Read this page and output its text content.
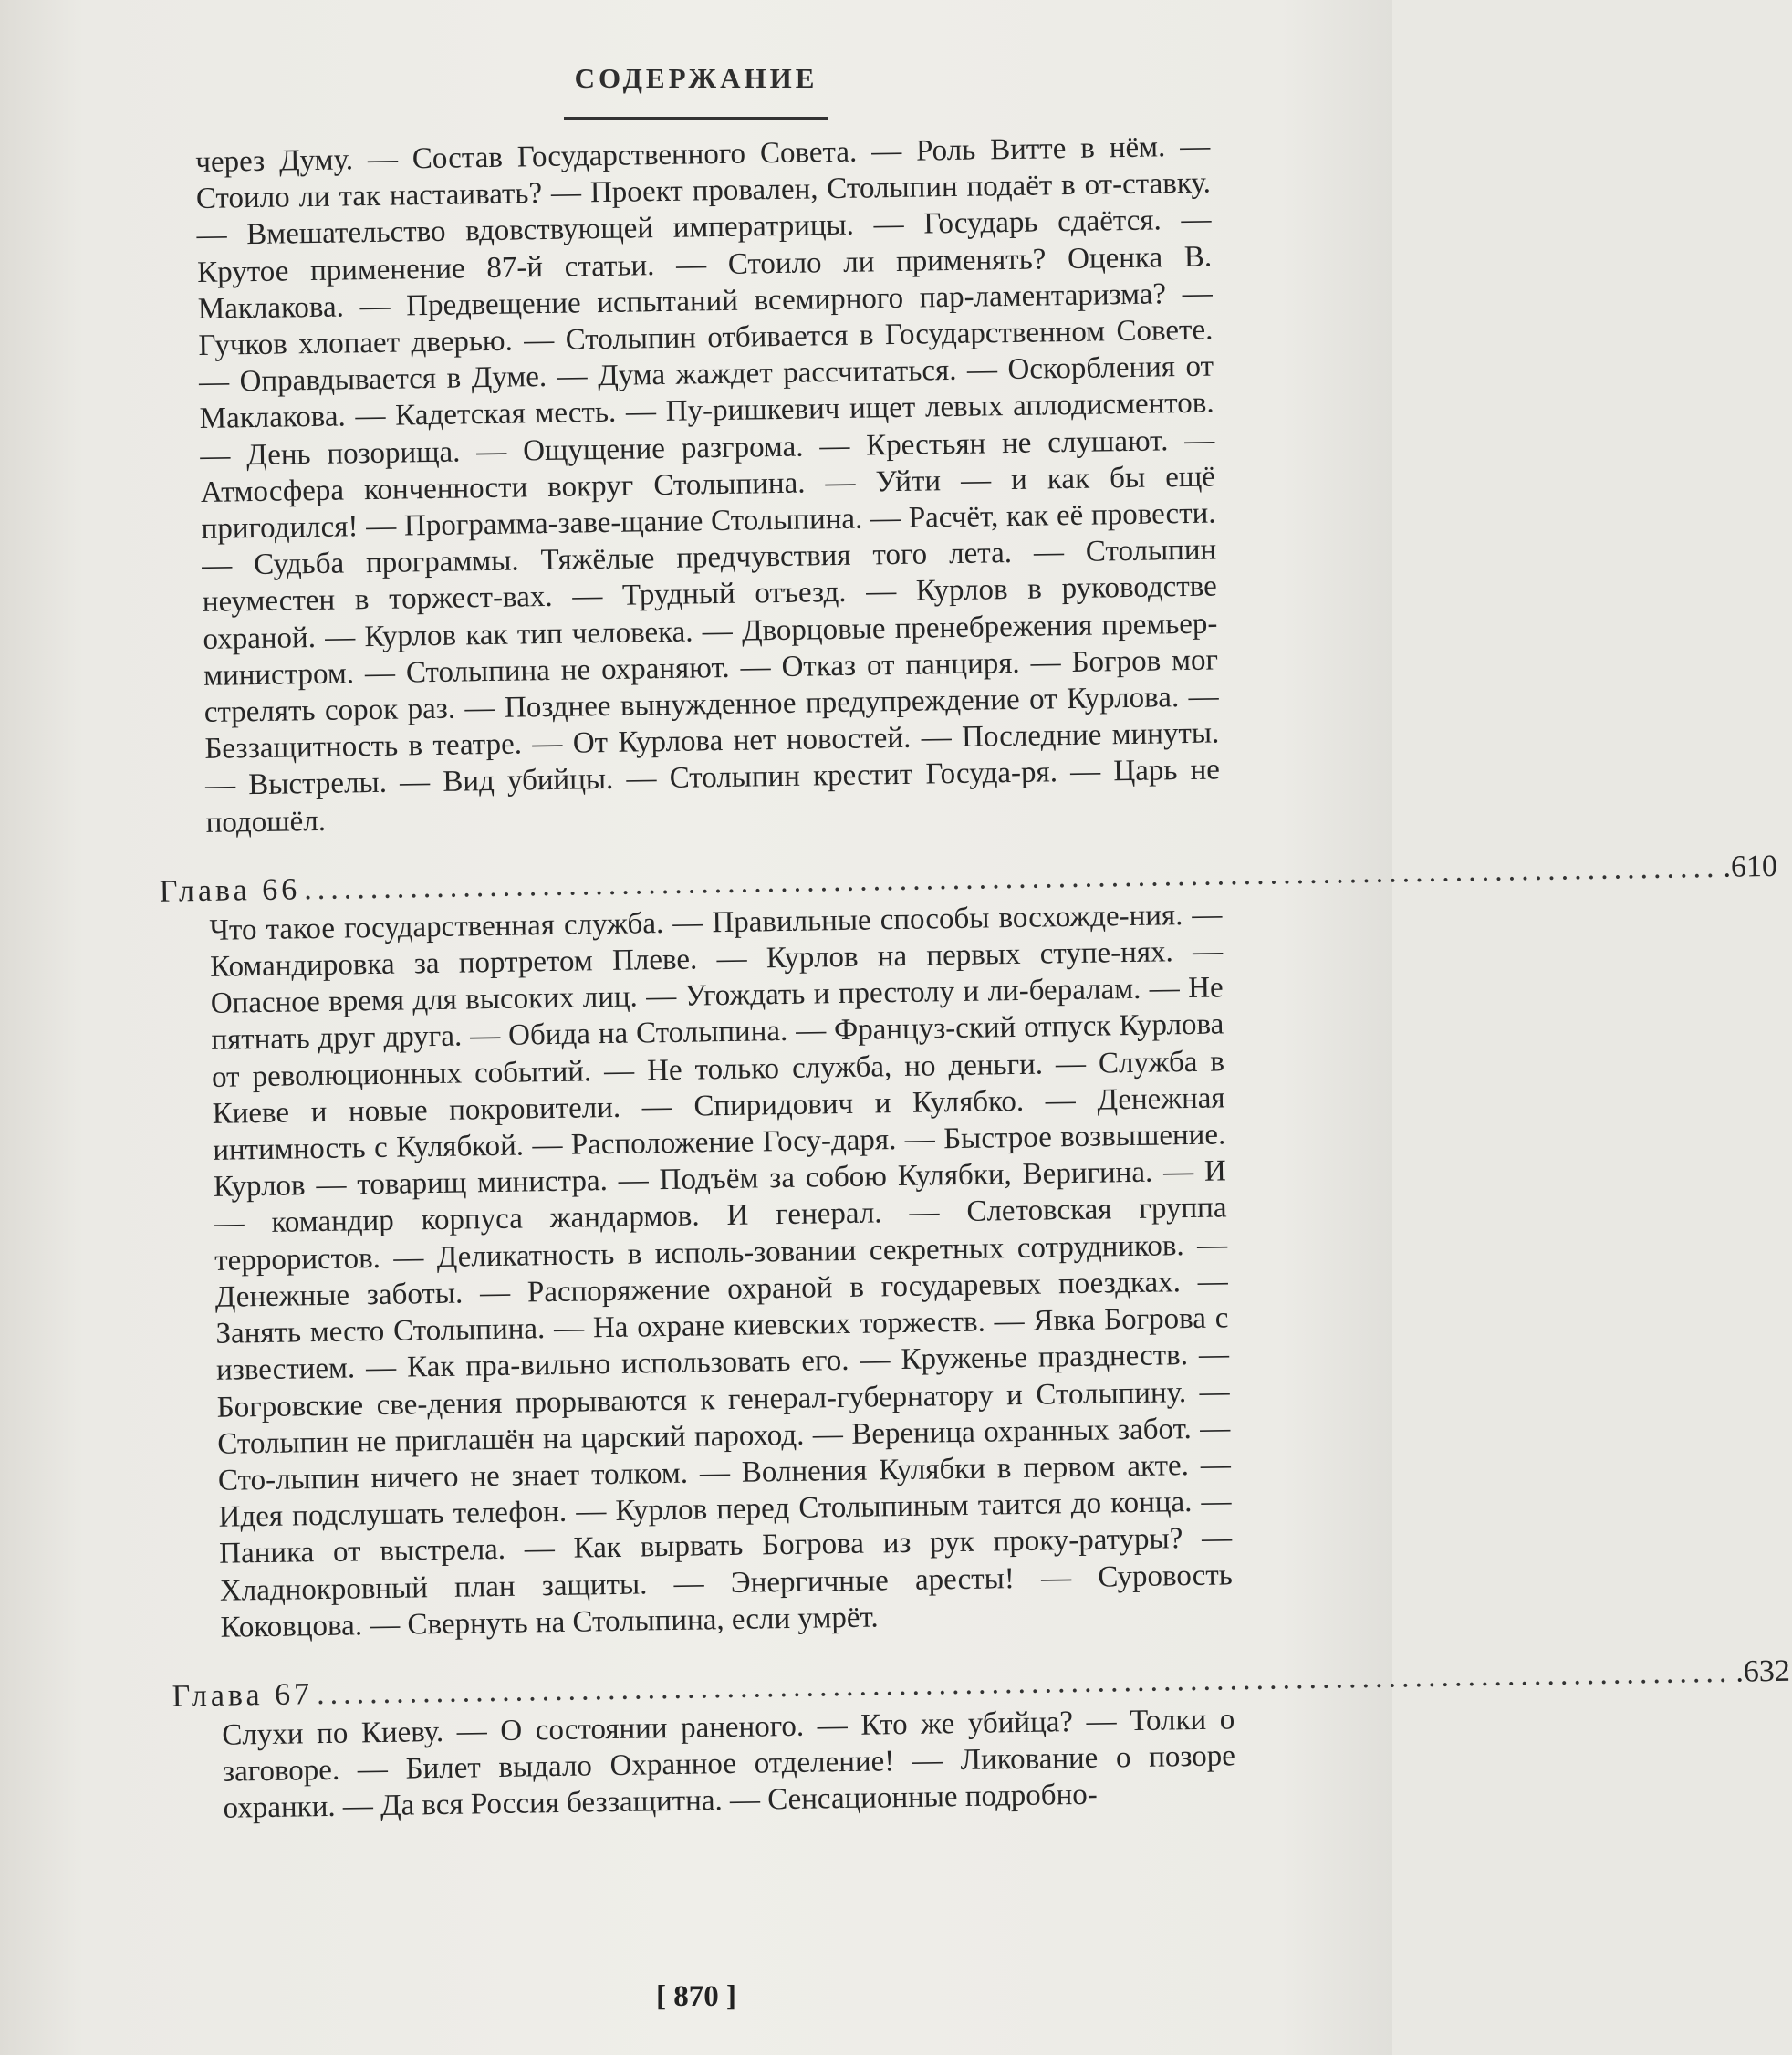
СОДЕРЖАНИЕ

через Думу. — Состав Государственного Совета. — Роль Витте в нём. — Стоило ли так настаивать? — Проект провален, Столыпин подаёт в от-ставку. — Вмешательство вдовствующей императрицы. — Государь сдаётся. — Крутое применение 87-й статьи. — Стоило ли применять? Оценка В. Маклакова. — Предвещение испытаний всемирного пар-ламентаризма? — Гучков хлопает дверью. — Столыпин отбивается в Государственном Совете. — Оправдывается в Думе. — Дума жаждет рассчитаться. — Оскорбления от Маклакова. — Кадетская месть. — Пу-ришкевич ищет левых аплодисментов. — День позорища. — Ощущение разгрома. — Крестьян не слушают. — Атмосфера конченности вокруг Столыпина. — Уйти — и как бы ещё пригодился! — Программа-заве-щание Столыпина. — Расчёт, как её провести. — Судьба программы. Тяжёлые предчувствия того лета. — Столыпин неуместен в торжест-вах. — Трудный отъезд. — Курлов в руководстве охраной. — Курлов как тип человека. — Дворцовые пренебрежения премьер-министром. — Столыпина не охраняют. — Отказ от панциря. — Богров мог стрелять сорок раз. — Позднее вынужденное предупреждение от Курлова. — Беззащитность в театре. — От Курлова нет новостей. — Последние минуты. — Выстрелы. — Вид убийцы. — Столыпин крестит Госуда-ря. — Царь не подошёл.

Глава 66 ........................................................................................................... .610

Что такое государственная служба. — Правильные способы восхожде-ния. — Командировка за портретом Плеве. — Курлов на первых ступе-нях. — Опасное время для высоких лиц. — Угождать и престолу и ли-бералам. — Не пятнать друг друга. — Обида на Столыпина. — Француз-ский отпуск Курлова от революционных событий. — Не только служба, но деньги. — Служба в Киеве и новые покровители. — Спиридович и Кулябко. — Денежная интимность с Кулябкой. — Расположение Госу-даря. — Быстрое возвышение. Курлов — товарищ министра. — Подъём за собою Кулябки, Веригина. — И — командир корпуса жандармов. И генерал. — Слетовская группа террористов. — Деликатность в исполь-зовании секретных сотрудников. — Денежные заботы. — Распоряжение охраной в государевых поездках. — Занять место Столыпина. — На охране киевских торжеств. — Явка Богрова с известием. — Как пра-вильно использовать его. — Круженье празднеств. — Богровские све-дения прорываются к генерал-губернатору и Столыпину. — Столыпин не приглашён на царский пароход. — Вереница охранных забот. — Сто-лыпин ничего не знает толком. — Волнения Кулябки в первом акте. — Идея подслушать телефон. — Курлов перед Столыпиным таится до конца. — Паника от выстрела. — Как вырвать Богрова из рук проку-ратуры? — Хладнокровный план защиты. — Энергичные аресты! — Суровость Коковцова. — Свернуть на Столыпина, если умрёт.

Глава 67 ........................................................................................................... .632

Слухи по Киеву. — О состоянии раненого. — Кто же убийца? — Толки о заговоре. — Билет выдало Охранное отделение! — Ликование о позоре охранки. — Да вся Россия беззащитна. — Сенсационные подробно-

[ 870 ]
